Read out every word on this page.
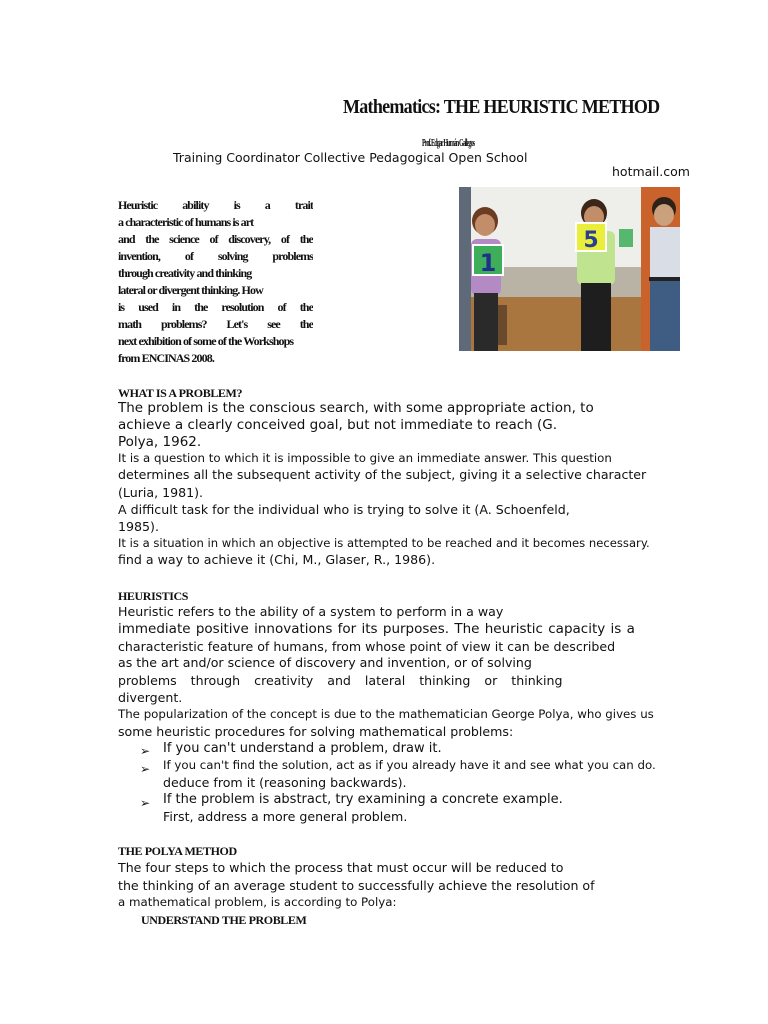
Mathematics: THE HEURISTIC METHOD
Prof. Edgar Humán Gallegos
Training Coordinator Collective Pedagogical Open School
hotmail.com
Heuristic ability is a trait
a characteristic of humans is art
and the science of discovery, of the
invention, of solving problems
through creativity and thinking
lateral or divergent thinking. How
is used in the resolution of the
math problems? Let's see the
next exhibition of some of the Workshops
from ENCINAS 2008.
1
5
WHAT IS A PROBLEM?
The problem is the conscious search, with some appropriate action, to
achieve a clearly conceived goal, but not immediate to reach (G.
Polya, 1962.
It is a question to which it is impossible to give an immediate answer. This question
determines all the subsequent activity of the subject, giving it a selective character
(Luria, 1981).
A difficult task for the individual who is trying to solve it (A. Schoenfeld,
1985).
It is a situation in which an objective is attempted to be reached and it becomes necessary.
find a way to achieve it (Chi, M., Glaser, R., 1986).
HEURISTICS
Heuristic refers to the ability of a system to perform in a way
immediate positive innovations for its purposes. The heuristic capacity is a
characteristic feature of humans, from whose point of view it can be described
as the art and/or science of discovery and invention, or of solving
problems through creativity and lateral thinking or thinking
divergent.
The popularization of the concept is due to the mathematician George Polya, who gives us
some heuristic procedures for solving mathematical problems:
➢ If you can't understand a problem, draw it.
➢ If you can't find the solution, act as if you already have it and see what you can do.
deduce from it (reasoning backwards).
➢ If the problem is abstract, try examining a concrete example.
First, address a more general problem.
THE POLYA METHOD
The four steps to which the process that must occur will be reduced to
the thinking of an average student to successfully achieve the resolution of
a mathematical problem, is according to Polya:
UNDERSTAND THE PROBLEM
